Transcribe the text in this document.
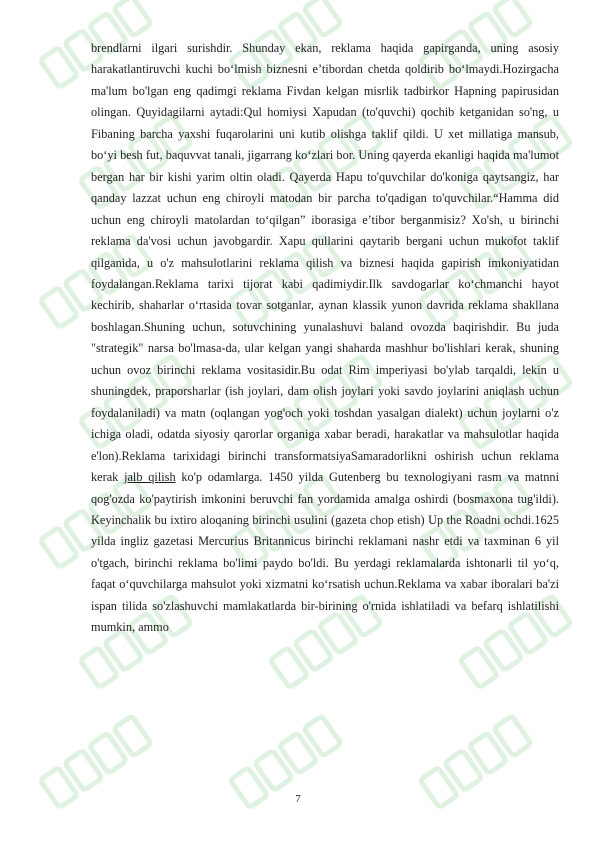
brendlarni ilgari surishdir. Shunday ekan, reklama haqida gapirganda, uning asosiy harakatlantiruvchi kuchi bo‘lmish biznesni e’tibordan chetda qoldirib bo‘lmaydi.Hozirgacha ma'lum bo'lgan eng qadimgi reklama Fivdan kelgan misrlik tadbirkor Hapning papirusidan olingan. Quyidagilarni aytadi:Qul homiysi Xapudan (to'quvchi) qochib ketganidan so'ng, u Fibaning barcha yaxshi fuqarolarini uni kutib olishga taklif qildi. U xet millatiga mansub, bo‘yi besh fut, baquvvat tanali, jigarrang ko‘zlari bor. Uning qayerda ekanligi haqida ma'lumot bergan har bir kishi yarim oltin oladi. Qayerda Hapu to'quvchilar do'koniga qaytsangiz, har qanday lazzat uchun eng chiroyli matodan bir parcha to'qadigan to'quvchilar.“Hamma did uchun eng chiroyli matolardan to‘qilgan” iborasiga e’tibor berganmisiz? Xo'sh, u birinchi reklama da'vosi uchun javobgardir. Xapu qullarini qaytarib bergani uchun mukofot taklif qilganida, u o'z mahsulotlarini reklama qilish va biznesi haqida gapirish imkoniyatidan foydalangan.Reklama tarixi tijorat kabi qadimiydir.Ilk savdogarlar ko‘chmanchi hayot kechirib, shaharlar o‘rtasida tovar sotganlar, aynan klassik yunon davrida reklama shakllana boshlagan.Shuning uchun, sotuvchining yunalashuvi baland ovozda baqirishdir. Bu juda "strategik" narsa bo'lmasa-da, ular kelgan yangi shaharda mashhur bo'lishlari kerak, shuning uchun ovoz birinchi reklama vositasidir.Bu odat Rim imperiyasi bo'ylab tarqaldi, lekin u shuningdek, praporsharlar (ish joylari, dam olish joylari yoki savdo joylarini aniqlash uchun foydalaniladi) va matn (oqlangan yog'och yoki toshdan yasalgan dialekt) uchun joylarni o'z ichiga oladi, odatda siyosiy qarorlar organiga xabar beradi, harakatlar va mahsulotlar haqida e'lon).Reklama tarixidagi birinchi transformatsiyaSamaradorlikni oshirish uchun reklama kerak jalb qilish ko'p odamlarga. 1450 yilda Gutenberg bu texnologiyani rasm va matnni qog'ozda ko'paytirish imkonini beruvchi fan yordamida amalga oshirdi (bosmaxona tug'ildi). Keyinchalik bu ixtiro aloqaning birinchi usulini (gazeta chop etish) Up the Roadni ochdi.1625 yilda ingliz gazetasi Mercurius Britannicus birinchi reklamani nashr etdi va taxminan 6 yil o'tgach, birinchi reklama bo'limi paydo bo'ldi. Bu yerdagi reklamalarda ishtonarli til yo‘q, faqat o‘quvchilarga mahsulot yoki xizmatni ko‘rsatish uchun.Reklama va xabar iboralari ba'zi ispan tilida so'zlashuvchi mamlakatlarda bir-birining o'rnida ishlatiladi va befarq ishlatilishi mumkin, ammo

7
